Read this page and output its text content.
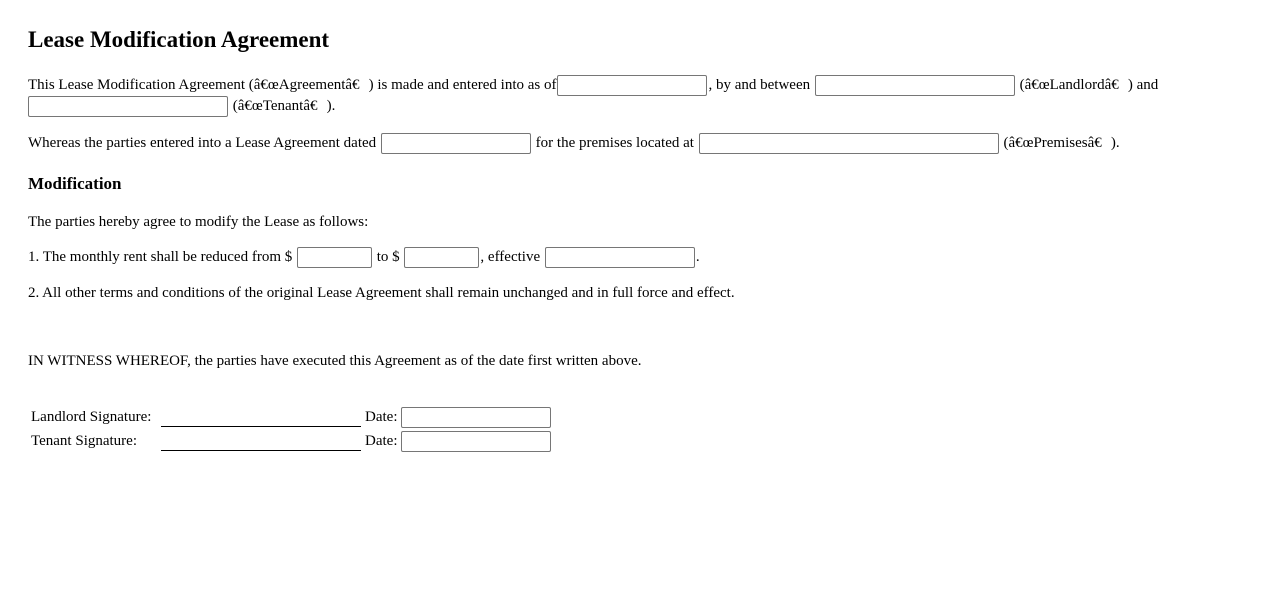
Lease Modification Agreement
This Lease Modification Agreement (â€œAgreementâ€) is made and entered into as of	, by and between	(â€œLandlordâ€) and
(â€œTenantâ€).
Whereas the parties entered into a Lease Agreement dated	for the premises located at	(â€œPremisesâ€).
Modification
The parties hereby agree to modify the Lease as follows:
1. The monthly rent shall be reduced from $	to $	, effective	.
2. All other terms and conditions of the original Lease Agreement shall remain unchanged and in full force and effect.
IN WITNESS WHEREOF, the parties have executed this Agreement as of the date first written above.
Landlord Signature:		Date:	
Tenant Signature:		Date:	
